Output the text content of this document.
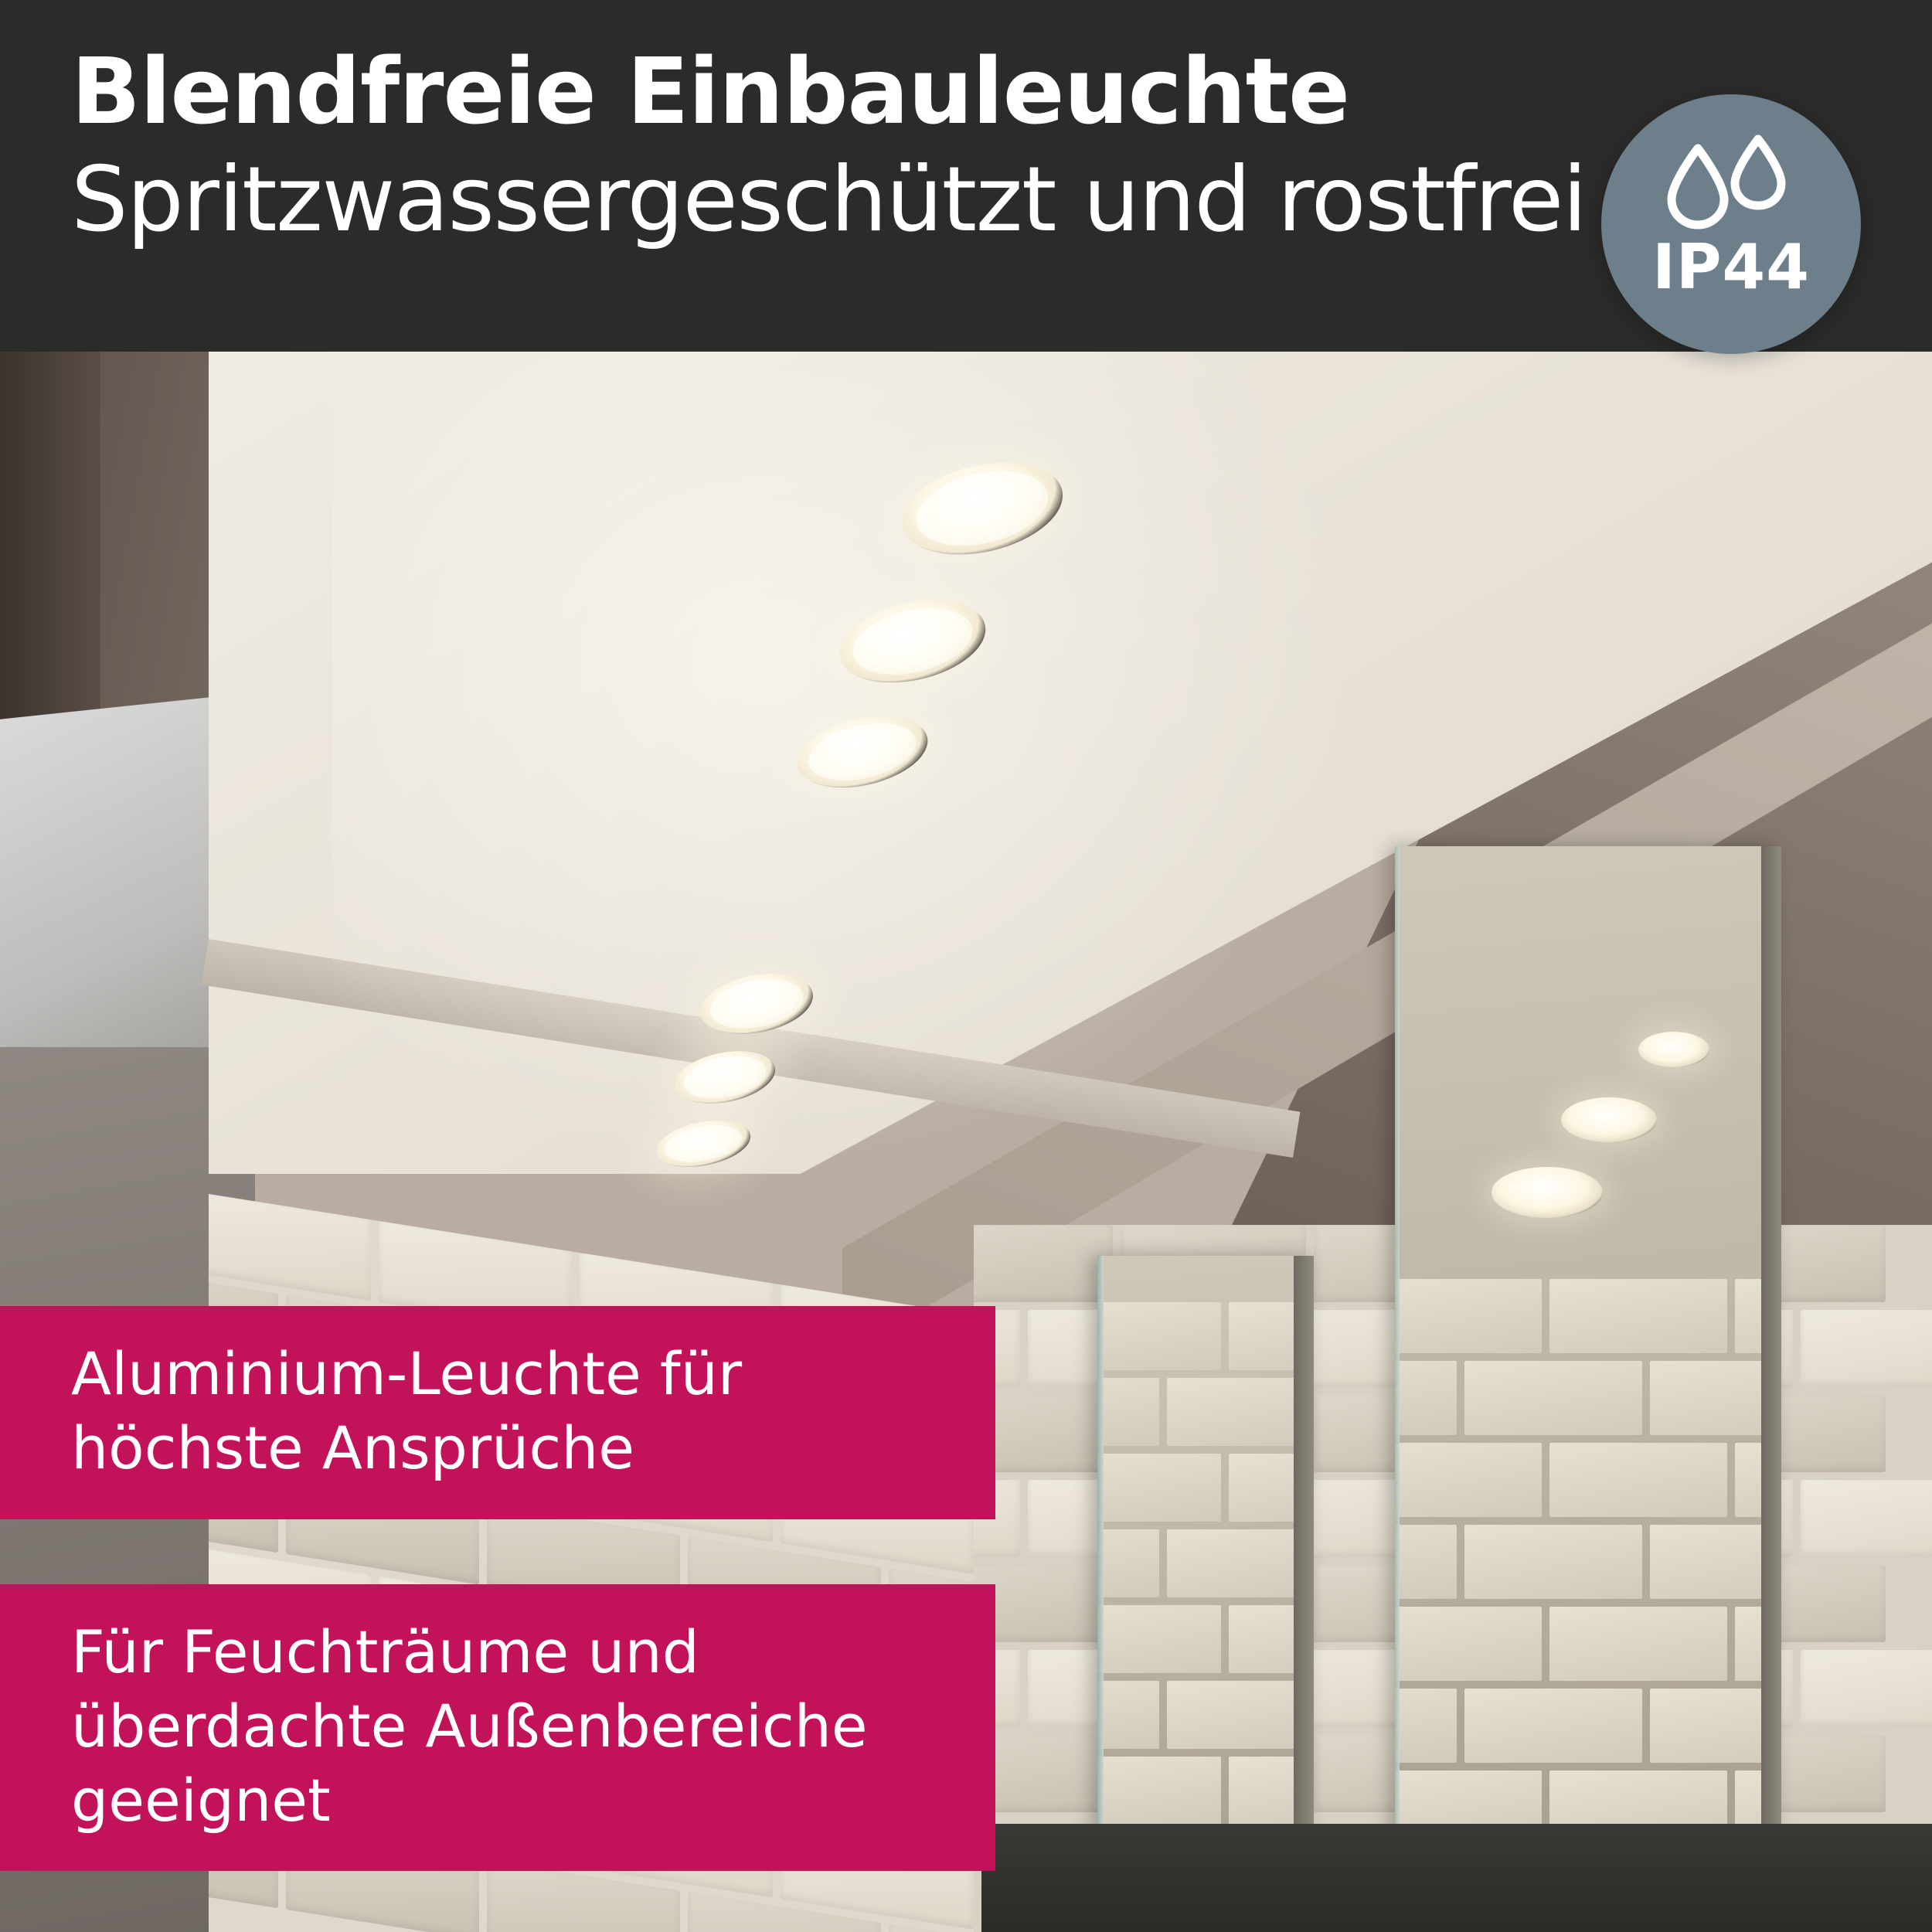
Blendfreie Einbauleuchte
Spritzwassergeschützt und rostfrei
IP44
Aluminium-Leuchte für höchste Ansprüche
Für Feuchträume und überdachte Außenbereiche geeignet
